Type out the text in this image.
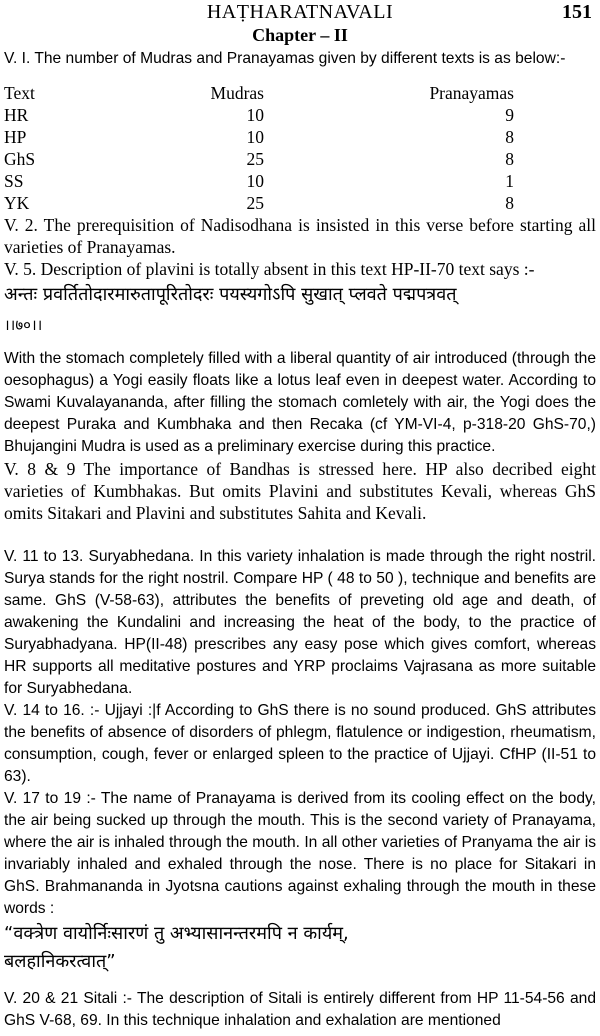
HAṬHARATNAVALI	151
Chapter – II

V. I. The number of Mudras and Pranayamas given by different texts is as below:-

Text	Mudras	Pranayamas
HR	10	9
HP	10	8
GhS	25	8
SS	10	1
YK	25	8

V. 2. The prerequisition of Nadisodhana is insisted in this verse before starting all varieties of Pranayamas.

V. 5. Description of plavini is totally absent in this text HP-II-70 text says :-

अन्तः प्रवर्तितोदारमारुतापूरितोदरः पयस्यगोऽपि सुखात् प्लवते पद्मपत्रवत्
।।७०।।

With the stomach completely filled with a liberal quantity of air introduced (through the oesophagus) a Yogi easily floats like a lotus leaf even in deepest water. According to Swami Kuvalayananda, after filling the stomach comletely with air, the Yogi does the deepest Puraka and Kumbhaka and then Recaka (cf YM-VI-4, p-318-20 GhS-70,) Bhujangini Mudra is used as a preliminary exercise during this practice.

V. 8 & 9 The importance of Bandhas is stressed here. HP also decribed eight varieties of Kumbhakas. But omits Plavini and substitutes Kevali, whereas GhS omits Sitakari and Plavini and substitutes Sahita and Kevali.

V. 11 to 13. Suryabhedana. In this variety inhalation is made through the right nostril. Surya stands for the right nostril. Compare HP ( 48 to 50 ), technique and benefits are same. GhS (V-58-63), attributes the benefits of preveting old age and death, of awakening the Kundalini and increasing the heat of the body, to the practice of Suryabhadyana. HP(II-48) prescribes any easy pose which gives comfort, whereas HR supports all meditative postures and YRP proclaims Vajrasana as more suitable for Suryabhedana.

V. 14 to 16. :- Ujjayi :|f According to GhS there is no sound produced. GhS attributes the benefits of absence of disorders of phlegm, flatulence or indigestion, rheumatism, consumption, cough, fever or enlarged spleen to the practice of Ujjayi. CfHP (II-51 to 63).

V. 17 to 19 :- The name of Pranayama is derived from its cooling effect on the body, the air being sucked up through the mouth. This is the second variety of Pranayama, where the air is inhaled through the mouth. In all other varieties of Pranyama the air is invariably inhaled and exhaled through the nose. There is no place for Sitakari in GhS. Brahmananda in Jyotsna cautions against exhaling through the mouth in these words :

“वक्त्रेण वायोर्निःसारणं तु अभ्यासानन्तरमपि न कार्यम्,
बलहानिकरत्वात्”

V. 20 & 21 Sitali :- The description of Sitali is entirely different from HP 11-54-56 and GhS V-68, 69. In this technique inhalation and exhalation are mentioned
